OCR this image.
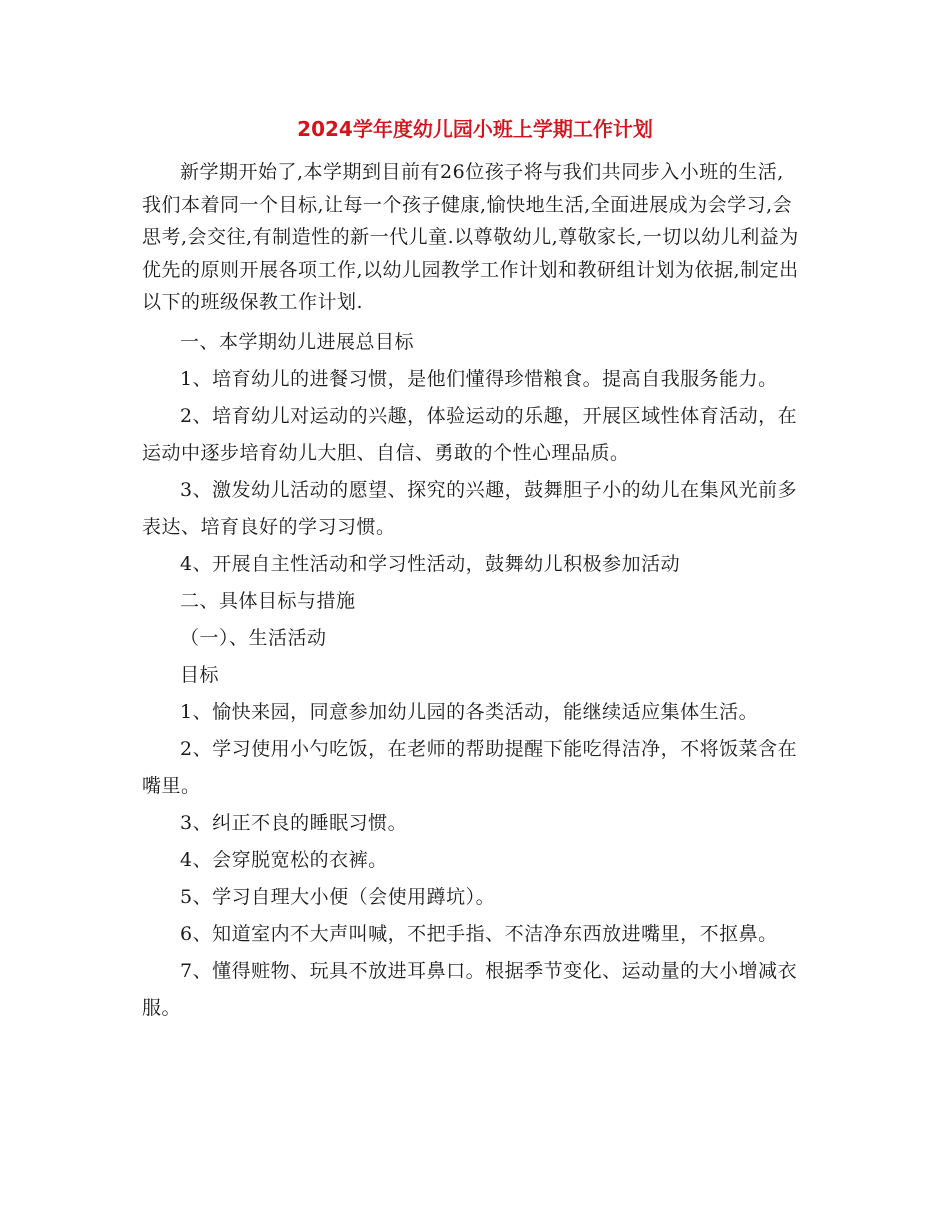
2024学年度幼儿园小班上学期工作计划

新学期开始了,本学期到目前有26位孩子将与我们共同步入小班的生活,我们本着同一个目标,让每一个孩子健康,愉快地生活,全面进展成为会学习,会思考,会交往,有制造性的新一代儿童.以尊敬幼儿,尊敬家长,一切以幼儿利益为优先的原则开展各项工作,以幼儿园教学工作计划和教研组计划为依据,制定出以下的班级保教工作计划.

一、本学期幼儿进展总目标

1、培育幼儿的进餐习惯，是他们懂得珍惜粮食。提高自我服务能力。

2、培育幼儿对运动的兴趣，体验运动的乐趣，开展区域性体育活动，在运动中逐步培育幼儿大胆、自信、勇敢的个性心理品质。

3、激发幼儿活动的愿望、探究的兴趣，鼓舞胆子小的幼儿在集风光前多表达、培育良好的学习习惯。

4、开展自主性活动和学习性活动，鼓舞幼儿积极参加活动

二、具体目标与措施

（一）、生活活动

目标

1、愉快来园，同意参加幼儿园的各类活动，能继续适应集体生活。

2、学习使用小勺吃饭，在老师的帮助提醒下能吃得洁净，不将饭菜含在嘴里。

3、纠正不良的睡眠习惯。

4、会穿脱宽松的衣裤。

5、学习自理大小便（会使用蹲坑）。

6、知道室内不大声叫喊，不把手指、不洁净东西放进嘴里，不抠鼻。

7、懂得赃物、玩具不放进耳鼻口。根据季节变化、运动量的大小增减衣服。
